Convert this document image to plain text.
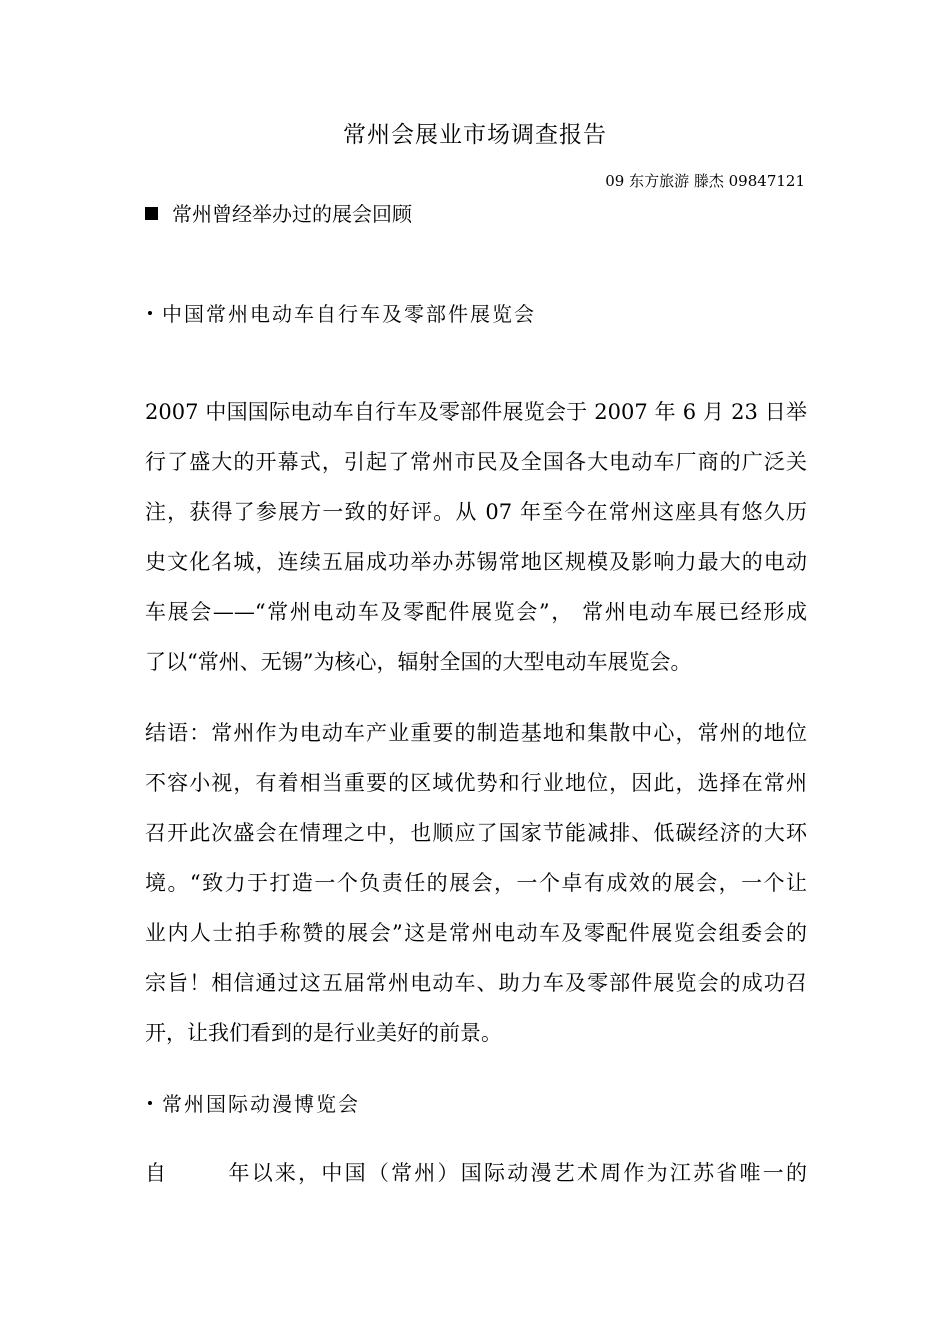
常州会展业市场调查报告
09 东方旅游 滕杰 09847121
常州曾经举办过的展会回顾
中国常州电动车自行车及零部件展览会
2007 中国国际电动车自行车及零部件展览会于 2007 年 6 月 23 日举
行了盛大的开幕式，引起了常州市民及全国各大电动车厂商的广泛关
注，获得了参展方一致的好评。从 07 年至今在常州这座具有悠久历
史文化名城，连续五届成功举办苏锡常地区规模及影响力最大的电动
车展会——“常州电动车及零配件展览会”， 常州电动车展已经形成
了以“常州、无锡”为核心，辐射全国的大型电动车展览会。
结语：常州作为电动车产业重要的制造基地和集散中心，常州的地位
不容小视，有着相当重要的区域优势和行业地位，因此，选择在常州
召开此次盛会在情理之中，也顺应了国家节能减排、低碳经济的大环
境。“致力于打造一个负责任的展会，一个卓有成效的展会，一个让
业内人士拍手称赞的展会”这是常州电动车及零配件展览会组委会的
宗旨！相信通过这五届常州电动车、助力车及零部件展览会的成功召
开，让我们看到的是行业美好的前景。
常州国际动漫博览会
自	年以来，中国（常州）国际动漫艺术周作为江苏省唯一的
